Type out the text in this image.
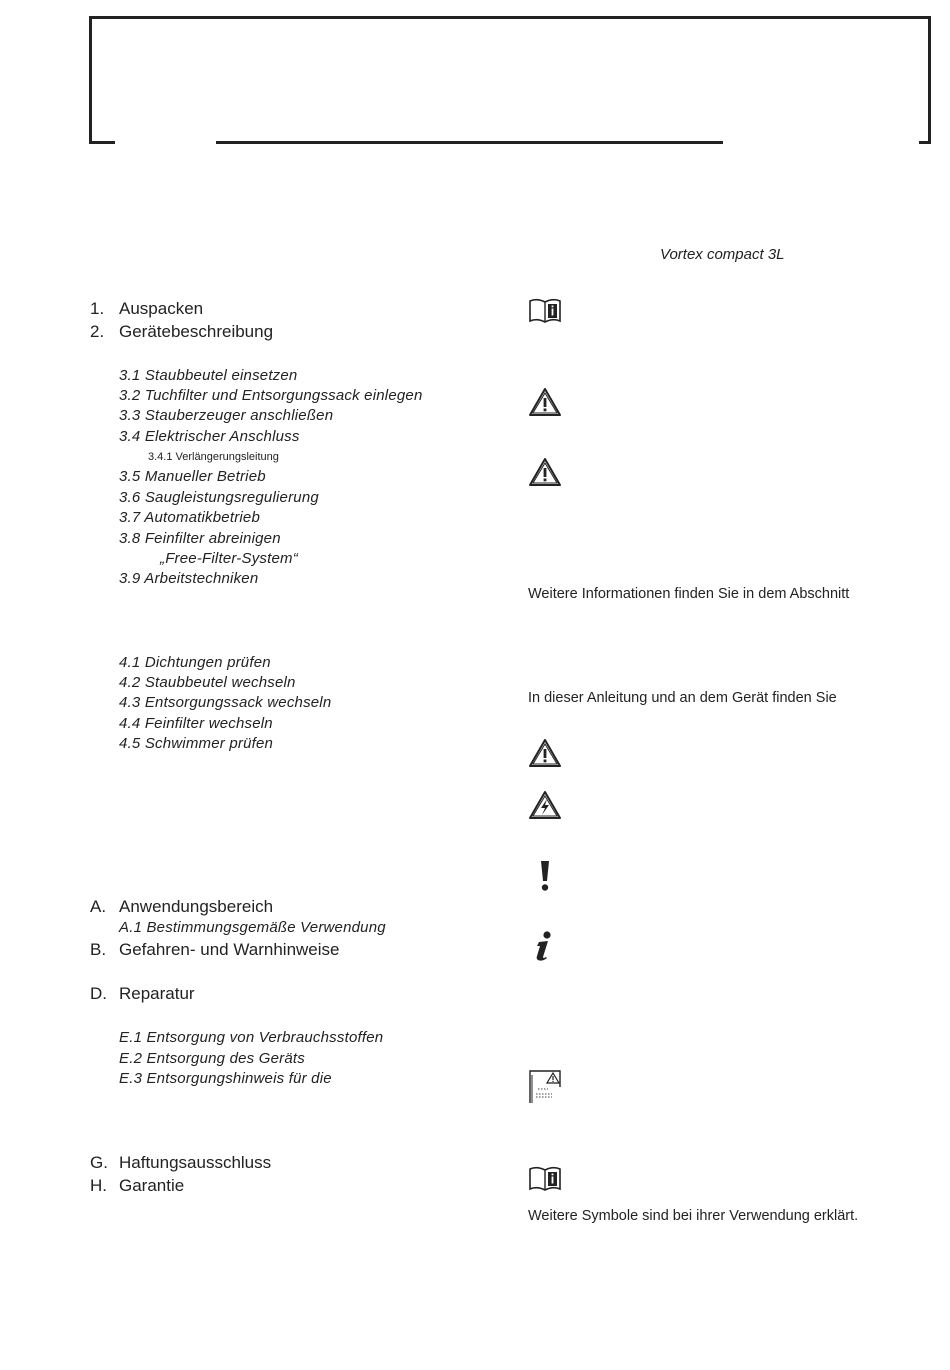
Vortex compact 3L
1. Auspacken
2. Gerätebeschreibung
3.1 Staubbeutel einsetzen
3.2 Tuchfilter und Entsorgungssack einlegen
3.3 Stauberzeuger anschließen
3.4 Elektrischer Anschluss
3.4.1 Verlängerungsleitung
3.5 Manueller Betrieb
3.6 Saugleistungsregulierung
3.7 Automatikbetrieb
3.8 Feinfilter abreinigen
„Free-Filter-System“
3.9 Arbeitstechniken
4.1 Dichtungen prüfen
4.2 Staubbeutel wechseln
4.3 Entsorgungssack wechseln
4.4 Feinfilter wechseln
4.5 Schwimmer prüfen
A. Anwendungsbereich
A.1 Bestimmungsgemäße Verwendung
B. Gefahren- und Warnhinweise
D. Reparatur
E.1 Entsorgung von Verbrauchsstoffen
E.2 Entsorgung des Geräts
E.3 Entsorgungshinweis für die
G. Haftungsausschluss
H. Garantie
Weitere Informationen finden Sie in dem Abschnitt
In dieser Anleitung und an dem Gerät finden Sie
Weitere Symbole sind bei ihrer Verwendung erklärt.
